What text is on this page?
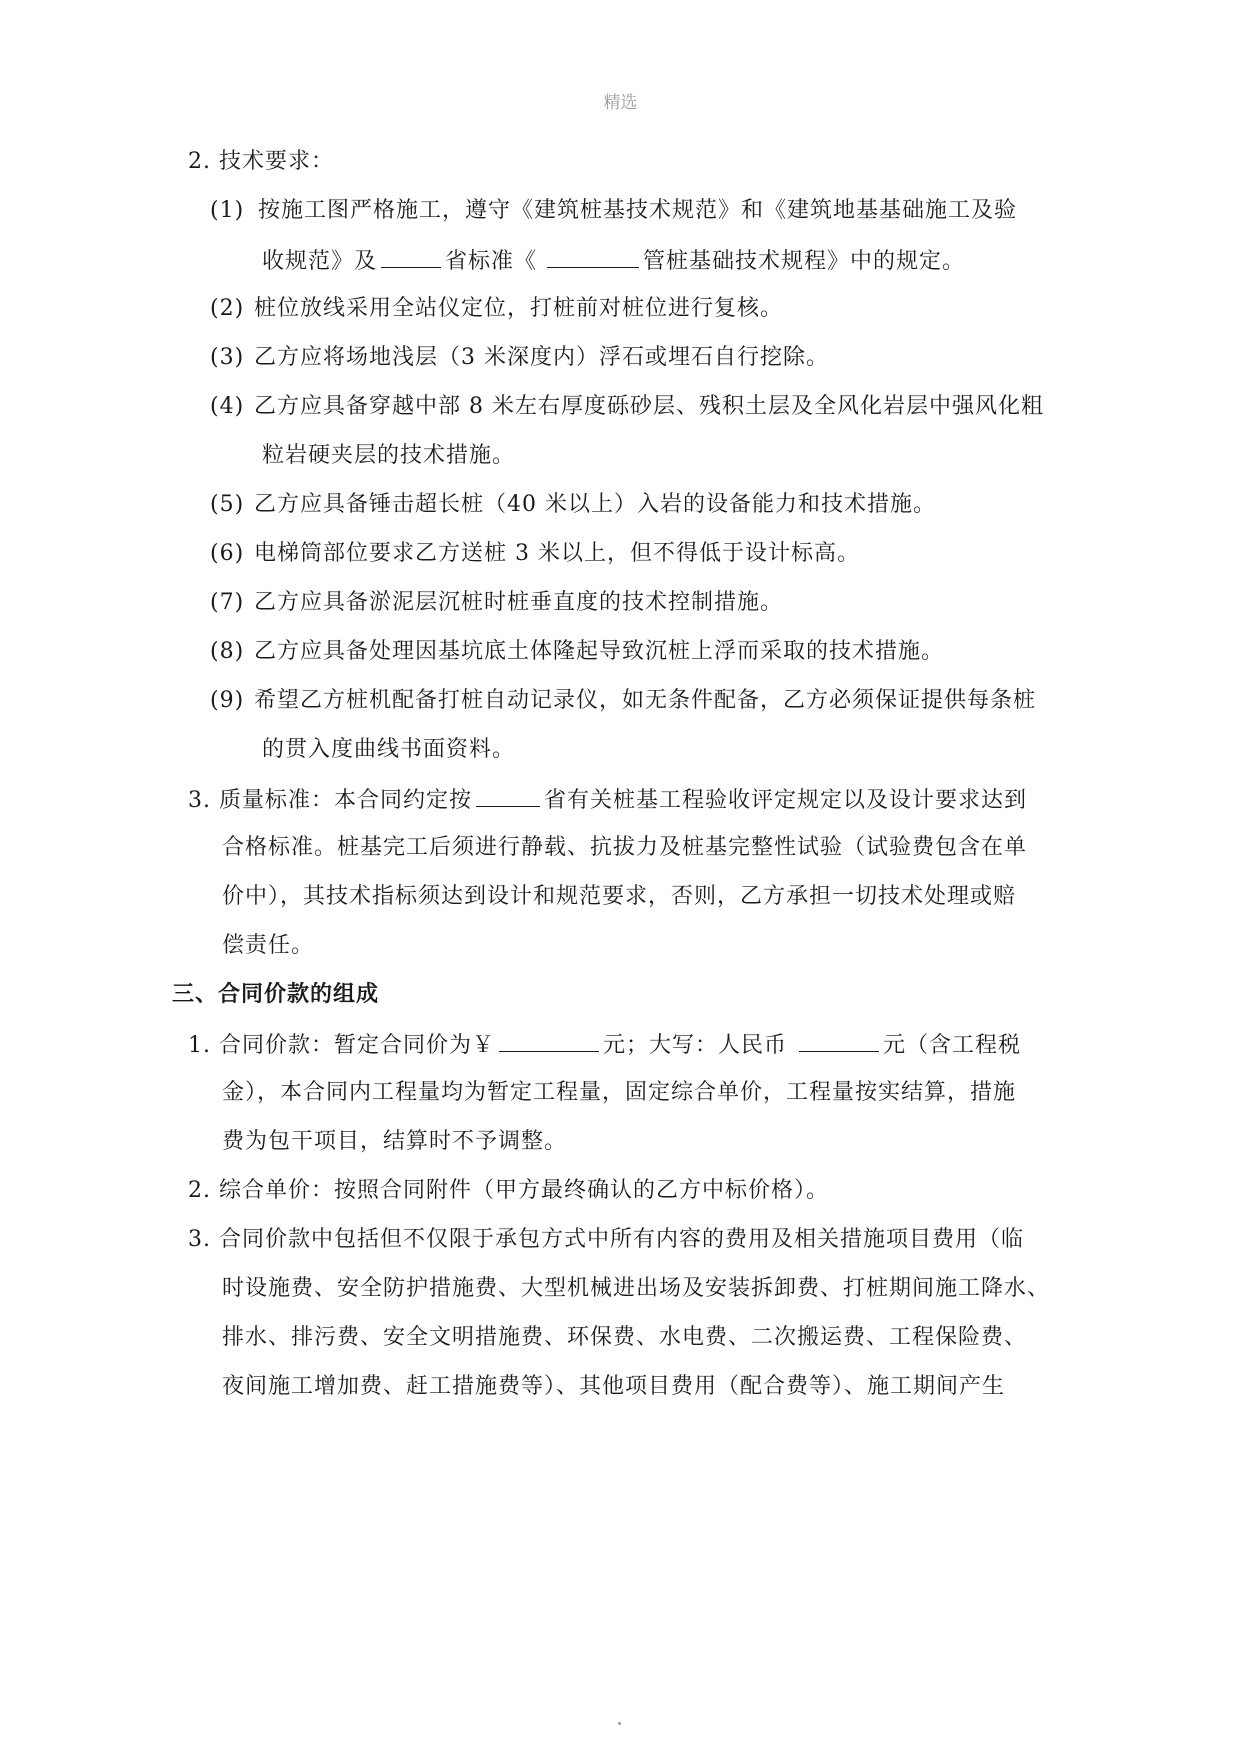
精选
2. 技术要求：
(1) 按施工图严格施工，遵守《建筑桩基技术规范》和《建筑地基基础施工及验
收规范》及	省标准《	管桩基础技术规程》中的规定。
(2) 桩位放线采用全站仪定位，打桩前对桩位进行复核。
(3) 乙方应将场地浅层（3 米深度内）浮石或埋石自行挖除。
(4) 乙方应具备穿越中部 8 米左右厚度砾砂层、残积土层及全风化岩层中强风化粗
粒岩硬夹层的技术措施。
(5) 乙方应具备锤击超长桩（40 米以上）入岩的设备能力和技术措施。
(6) 电梯筒部位要求乙方送桩 3 米以上，但不得低于设计标高。
(7) 乙方应具备淤泥层沉桩时桩垂直度的技术控制措施。
(8) 乙方应具备处理因基坑底土体隆起导致沉桩上浮而采取的技术措施。
(9) 希望乙方桩机配备打桩自动记录仪，如无条件配备，乙方必须保证提供每条桩
的贯入度曲线书面资料。
3. 质量标准：本合同约定按	省有关桩基工程验收评定规定以及设计要求达到
合格标准。桩基完工后须进行静载、抗拔力及桩基完整性试验（试验费包含在单
价中），其技术指标须达到设计和规范要求，否则，乙方承担一切技术处理或赔
偿责任。
三、合同价款的组成
1. 合同价款：暂定合同价为￥	元；大写：人民币	元（含工程税
金），本合同内工程量均为暂定工程量，固定综合单价，工程量按实结算，措施
费为包干项目，结算时不予调整。
2. 综合单价：按照合同附件（甲方最终确认的乙方中标价格）。
3. 合同价款中包括但不仅限于承包方式中所有内容的费用及相关措施项目费用（临
时设施费、安全防护措施费、大型机械进出场及安装拆卸费、打桩期间施工降水、
排水、排污费、安全文明措施费、环保费、水电费、二次搬运费、工程保险费、
夜间施工增加费、赶工措施费等）、其他项目费用（配合费等）、施工期间产生
